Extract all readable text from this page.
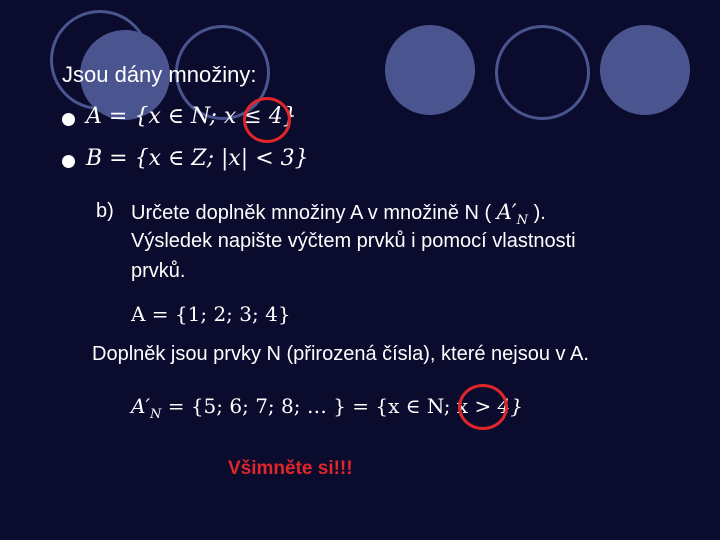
Jsou dány množiny:
A = {x ∈ N; x ≤ 4}
B = {x ∈ Z; |x| < 3}
b) Určete doplněk množiny A v množině N ( $A'_N$ ).
Výsledek napište výčtem prvků i pomocí vlastnosti
prvků.
A = {1; 2; 3; 4}
Doplněk jsou prvky N (přirozená čísla), které nejsou v A.
$A'_N = \{5$; 6; 7; 8; … } = {x ∈ N; x > 4}
Všimněte si!!!
